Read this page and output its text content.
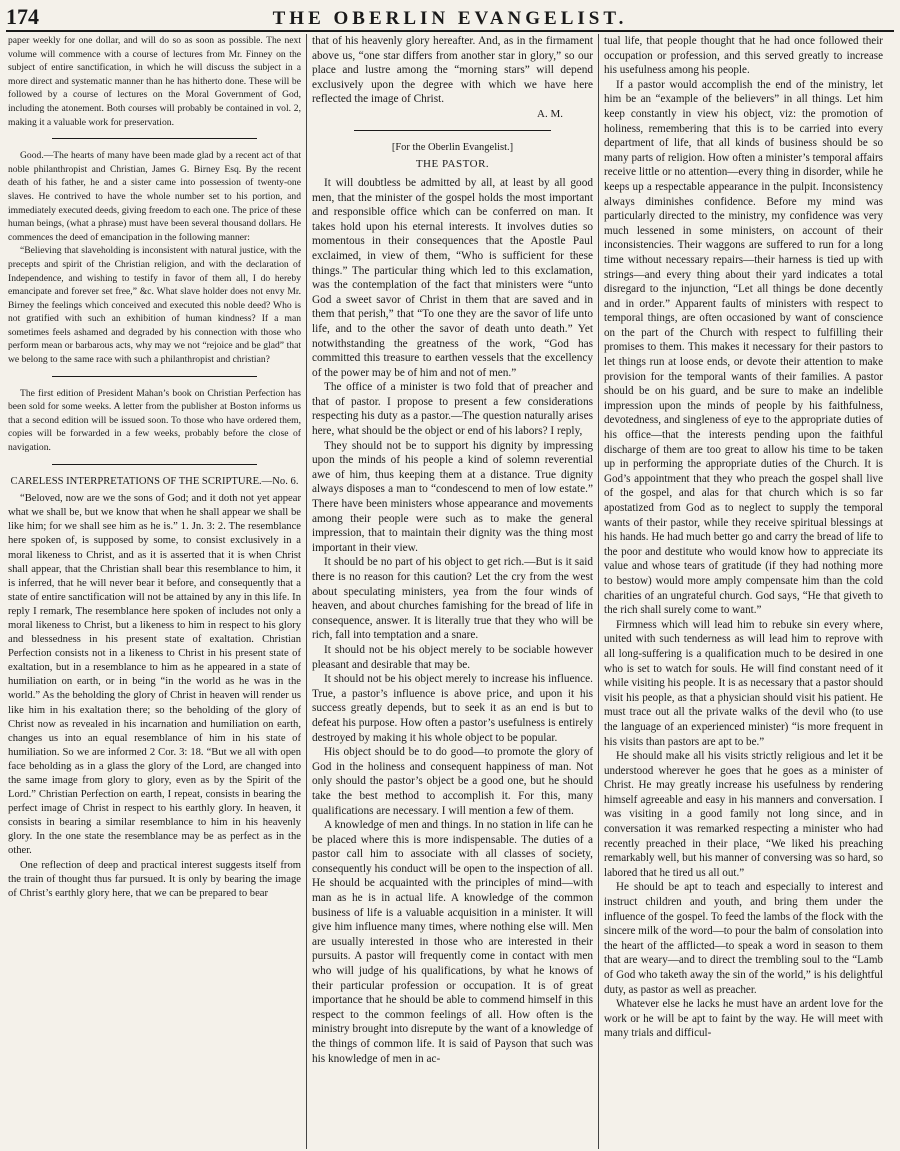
174	THE OBERLIN EVANGELIST.

paper weekly for one dollar, and will do so as soon as possible. The next volume will commence with a course of lectures from Mr. Finney on the subject of entire sanctification, in which he will discuss the subject in a more direct and systematic manner than he has hitherto done. These will be followed by a course of lectures on the Moral Government of God, including the atonement. Both courses will probably be contained in vol. 2, making it a valuable work for preservation.

Good.—The hearts of many have been made glad by a recent act of that noble philanthropist and Christian, James G. Birney Esq. By the recent death of his father, he and a sister came into possession of twenty-one slaves. He contrived to have the whole number set to his portion, and immediately executed deeds, giving freedom to each one. The price of these human beings, (what a phrase) must have been several thousand dollars. He commences the deed of emancipation in the following manner:

“Believing that slaveholding is inconsistent with natural justice, with the precepts and spirit of the Christian religion, and with the declaration of Independence, and wishing to testify in favor of them all, I do hereby emancipate and forever set free,” &c. What slave holder does not envy Mr. Birney the feelings which conceived and executed this noble deed? Who is not gratified with such an exhibition of human kindness? If a man sometimes feels ashamed and degraded by his connection with those who perform mean or barbarous acts, why may we not “rejoice and be glad” that we belong to the same race with such a philanthropist and christian?

The first edition of President Mahan’s book on Christian Perfection has been sold for some weeks. A letter from the publisher at Boston informs us that a second edition will be issued soon. To those who have ordered them, copies will be forwarded in a few weeks, probably before the close of navigation.

CARELESS INTERPRETATIONS OF THE SCRIPTURE.—No. 6.

“Beloved, now are we the sons of God; and it doth not yet appear what we shall be, but we know that when he shall appear we shall be like him; for we shall see him as he is.” 1. Jn. 3: 2. The resemblance here spoken of, is supposed by some, to consist exclusively in a moral likeness to Christ, and as it is asserted that it is when Christ shall appear, that the Christian shall bear this resemblance to him, it is inferred, that he will never bear it before, and consequently that a state of entire sanctification will not be attained by any in this life. In reply I remark, The resemblance here spoken of includes not only a moral likeness to Christ, but a likeness to him in respect to his glory and blessedness in his present state of exaltation. Christian Perfection consists not in a likeness to Christ in his present state of exaltation, but in a resemblance to him as he appeared in a state of humiliation on earth, or in being “in the world as he was in the world.” As the beholding the glory of Christ in heaven will render us like him in his exaltation there; so the beholding of the glory of Christ now as revealed in his incarnation and humiliation on earth, changes us into an equal resemblance of him in his state of humiliation. So we are informed 2 Cor. 3: 18. “But we all with open face beholding as in a glass the glory of the Lord, are changed into the same image from glory to glory, even as by the Spirit of the Lord.” Christian Perfection on earth, I repeat, consists in bearing the perfect image of Christ in respect to his earthly glory. In heaven, it consists in bearing a similar resemblance to him in his heavenly glory. In the one state the resemblance may be as perfect as in the other.

One reflection of deep and practical interest suggests itself from the train of thought thus far pursued. It is only by bearing the image of Christ’s earthly glory here, that we can be prepared to bear

that of his heavenly glory hereafter. And, as in the firmament above us, “one star differs from another star in glory,” so our place and lustre among the “morning stars” will depend exclusively upon the degree with which we have here reflected the image of Christ.

A. M.
[For the Oberlin Evangelist.]
THE PASTOR.

It will doubtless be admitted by all, at least by all good men, that the minister of the gospel holds the most important and responsible office which can be conferred on man. It takes hold upon his eternal interests. It involves duties so momentous in their consequences that the Apostle Paul exclaimed, in view of them, “Who is sufficient for these things.” The particular thing which led to this exclamation, was the contemplation of the fact that ministers were “unto God a sweet savor of Christ in them that are saved and in them that perish,” that “To one they are the savor of life unto life, and to the other the savor of death unto death.” Yet notwithstanding the greatness of the work, “God has committed this treasure to earthen vessels that the excellency of the power may be of him and not of men.”

The office of a minister is two fold that of preacher and that of pastor. I propose to present a few considerations respecting his duty as a pastor.—The question naturally arises here, what should be the object or end of his labors? I reply,

They should not be to support his dignity by impressing upon the minds of his people a kind of solemn reverential awe of him, thus keeping them at a distance. True dignity always disposes a man to “condescend to men of low estate.” There have been ministers whose appearance and movements among their people were such as to make the general impression, that to maintain their dignity was the thing most important in their view.

It should be no part of his object to get rich.—But is it said there is no reason for this caution? Let the cry from the west about speculating ministers, yea from the four winds of heaven, and about churches famishing for the bread of life in consequence, answer. It is literally true that they who will be rich, fall into temptation and a snare.

It should not be his object merely to be sociable however pleasant and desirable that may be.

It should not be his object merely to increase his influence. True, a pastor’s influence is above price, and upon it his success greatly depends, but to seek it as an end is but to defeat his purpose. How often a pastor’s usefulness is entirely destroyed by making it his whole object to be popular.

His object should be to do good—to promote the glory of God in the holiness and consequent happiness of man. Not only should the pastor’s object be a good one, but he should take the best method to accomplish it. For this, many qualifications are necessary. I will mention a few of them.

A knowledge of men and things. In no station in life can he be placed where this is more indispensable. The duties of a pastor call him to associate with all classes of society, consequently his conduct will be open to the inspection of all. He should be acquainted with the principles of mind—with man as he is in actual life. A knowledge of the common business of life is a valuable acquisition in a minister. It will give him influence many times, where nothing else will. Men are usually interested in those who are interested in their pursuits. A pastor will frequently come in contact with men who will judge of his qualifications, by what he knows of their particular profession or occupation. It is of great importance that he should be able to commend himself in this respect to the common feelings of all. How often is the ministry brought into disrepute by the want of a knowledge of the things of common life. It is said of Payson that such was his knowledge of men in ac-

tual life, that people thought that he had once followed their occupation or profession, and this served greatly to increase his usefulness among his people.

If a pastor would accomplish the end of the ministry, let him be an “example of the believers” in all things. Let him keep constantly in view his object, viz: the promotion of holiness, remembering that this is to be carried into every department of life, that all kinds of business should be so many parts of religion. How often a minister’s temporal affairs receive little or no attention—every thing in disorder, while he keeps up a respectable appearance in the pulpit. Inconsistency always diminishes confidence. Before my mind was particularly directed to the ministry, my confidence was very much lessened in some ministers, on account of their inconsistencies. Their waggons are suffered to run for a long time without necessary repairs—their harness is tied up with strings—and every thing about their yard indicates a total disregard to the injunction, “Let all things be done decently and in order.” Apparent faults of ministers with respect to temporal things, are often occasioned by want of conscience on the part of the Church with respect to fulfilling their promises to them. This makes it necessary for their pastors to let things run at loose ends, or devote their attention to make provision for the temporal wants of their families. A pastor should be on his guard, and be sure to make an indelible impression upon the minds of people by his faithfulness, devotedness, and singleness of eye to the appropriate duties of his office—that the interests pending upon the faithful discharge of them are too great to allow his time to be taken up in performing the appropriate duties of the Church. It is God’s appointment that they who preach the gospel shall live of the gospel, and alas for that church which is so far apostatized from God as to neglect to supply the temporal wants of their pastor, while they receive spiritual blessings at his hands. He had much better go and carry the bread of life to the poor and destitute who would know how to appreciate its value and whose tears of gratitude (if they had nothing more to bestow) would more amply compensate him than the cold charities of an ungrateful church. God says, “He that giveth to the rich shall surely come to want.”

Firmness which will lead him to rebuke sin every where, united with such tenderness as will lead him to reprove with all long-suffering is a qualification much to be desired in one who is set to watch for souls. He will find constant need of it while visiting his people. It is as necessary that a pastor should visit his people, as that a physician should visit his patient. He must trace out all the private walks of the devil who (to use the language of an experienced minister) “is more frequent in his visits than pastors are apt to be.”

He should make all his visits strictly religious and let it be understood wherever he goes that he goes as a minister of Christ. He may greatly increase his usefulness by rendering himself agreeable and easy in his manners and conversation. I was visiting in a good family not long since, and in conversation it was remarked respecting a minister who had recently preached in their place, “We liked his preaching remarkably well, but his manner of conversing was so hard, so labored that he tired us all out.”

He should be apt to teach and especially to interest and instruct children and youth, and bring them under the influence of the gospel. To feed the lambs of the flock with the sincere milk of the word—to pour the balm of consolation into the heart of the afflicted—to speak a word in season to them that are weary—and to direct the trembling soul to the “Lamb of God who taketh away the sin of the world,” is his delightful duty, as pastor as well as preacher.

Whatever else he lacks he must have an ardent love for the work or he will be apt to faint by the way. He will meet with many trials and difficul-
